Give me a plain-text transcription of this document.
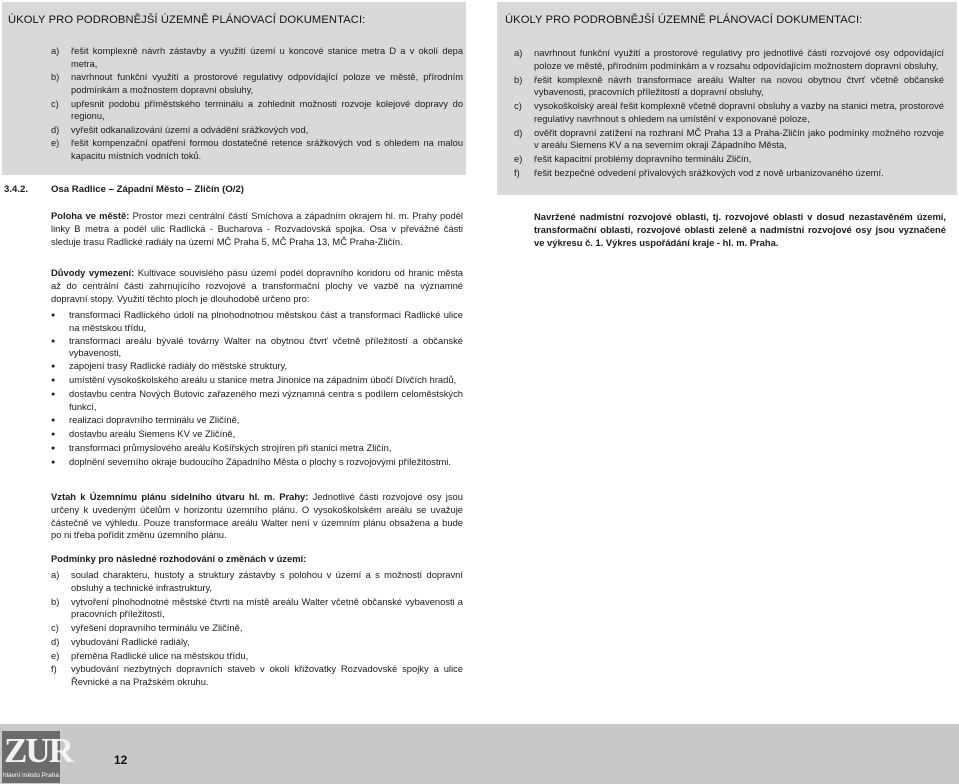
ÚKOLY PRO PODROBNĚJŠÍ ÚZEMNĚ PLÁNOVACÍ DOKUMENTACI:	ÚKOLY PRO PODROBNĚJŠÍ ÚZEMNĚ PLÁNOVACÍ DOKUMENTACI:
a)	řešit komplexně návrh zástavby a využití území u koncové stanice metra D a v okolí depa metra,
b)	navrhnout funkční využití a prostorové regulativy odpovídající poloze ve městě, přírodním podmínkám a možnostem dopravní obsluhy,
c)	upřesnit podobu příměstského terminálu a zohlednit možnosti rozvoje kolejové dopravy do regionu,
d)	vyřešit odkanalizování území a odvádění srážkových vod,
e)	řešit kompenzační opatření formou dostatečné retence srážkových vod s ohledem na malou kapacitu místních vodních toků.
3.4.2. Osa Radlice – Západní Město – Zličín (O/2)

Poloha ve městě: Prostor mezi centrální částí Smíchova a západním okrajem hl. m. Prahy podél linky B metra a podél ulic Radlická - Bucharova - Rozvadovská spojka. Osa v převážné části sleduje trasu Radlické radiály na území MČ Praha 5, MČ Praha 13, MČ Praha-Zličín.

Důvody vymezení: Kultivace souvislého pásu území podél dopravního koridoru od hranic města až do centrální části zahrnujícího rozvojové a transformační plochy ve vazbě na významné dopravní stopy. Využití těchto ploch je dlouhodobě určeno pro:

●	transformaci Radlického údolí na plnohodnotnou městskou část a transformaci Radlické ulice na městskou třídu,
●	transformaci areálu bývalé továrny Walter na obytnou čtvrť včetně příležitostí a občanské vybavenosti,
●	zapojení trasy Radlické radiály do městské struktury,
●	umístění vysokoškolského areálu u stanice metra Jinonice na západním úbočí Dívčích hradů,
●	dostavbu centra Nových Butovic zařazeného mezi významná centra s podílem celoměstských funkcí,
●	realizaci dopravního terminálu ve Zličíně,
●	dostavbu areálu Siemens KV ve Zličíně,
●	transformaci průmyslového areálu Košířských strojíren při stanici metra Zličín,
●	doplnění severního okraje budoucího Západního Města o plochy s rozvojovými příležitostmi.

Vztah k Územnímu plánu sídelního útvaru hl. m. Prahy: Jednotlivé části rozvojové osy jsou určeny k uvedeným účelům v horizontu územního plánu. O vysokoškolském areálu se uvažuje částečně ve výhledu. Pouze transformace areálu Walter není v územním plánu obsažena a bude po ni třeba pořídit změnu územního plánu.

Podmínky pro následné rozhodování o změnách v území:
a)	soulad charakteru, hustoty a struktury zástavby s polohou v území a s možností dopravní obsluhy a technické infrastruktury,
b)	vytvoření plnohodnotné městské čtvrti na místě areálu Walter včetně občanské vybavenosti a pracovních příležitostí,
c)	vyřešení dopravního terminálu ve Zličíně,
d)	vybudování Radlické radiály,
e)	přeměna Radlické ulice na městskou třídu,
f)	vybudování nezbytných dopravních staveb v okolí křižovatky Rozvadovské spojky a ulice Řevnické a na Pražském okruhu.
a)	navrhnout funkční využití a prostorové regulativy pro jednotlivé části rozvojové osy odpovídající poloze ve městě, přírodním podmínkám a v rozsahu odpovídajícím možnostem dopravní obsluhy,
b)	řešit komplexně návrh transformace areálu Walter na novou obytnou čtvrť včetně občanské vybavenosti, pracovních příležitostí a dopravní obsluhy,
c)	vysokoškolský areál řešit komplexně včetně dopravní obsluhy a vazby na stanici metra, prostorové regulativy navrhnout s ohledem na umístění v exponované poloze,
d)	ověřit dopravní zatížení na rozhraní MČ Praha 13 a Praha-Zličín jako podmínky možného rozvoje v areálu Siemens KV a na severním okraji Západního Města,
e)	řešit kapacitní problémy dopravního terminálu Zličín,
f)	řešit bezpečné odvedení přívalových srážkových vod z nově urbanizovaného území.

Navržené nadmístní rozvojové oblasti, tj. rozvojové oblasti v dosud nezastavěném území, transformační oblasti, rozvojové oblasti zeleně a nadmístní rozvojové osy jsou vyznačené ve výkresu č. 1. Výkres uspořádání kraje - hl. m. Praha.

ZUR
hlavní město Praha
12
